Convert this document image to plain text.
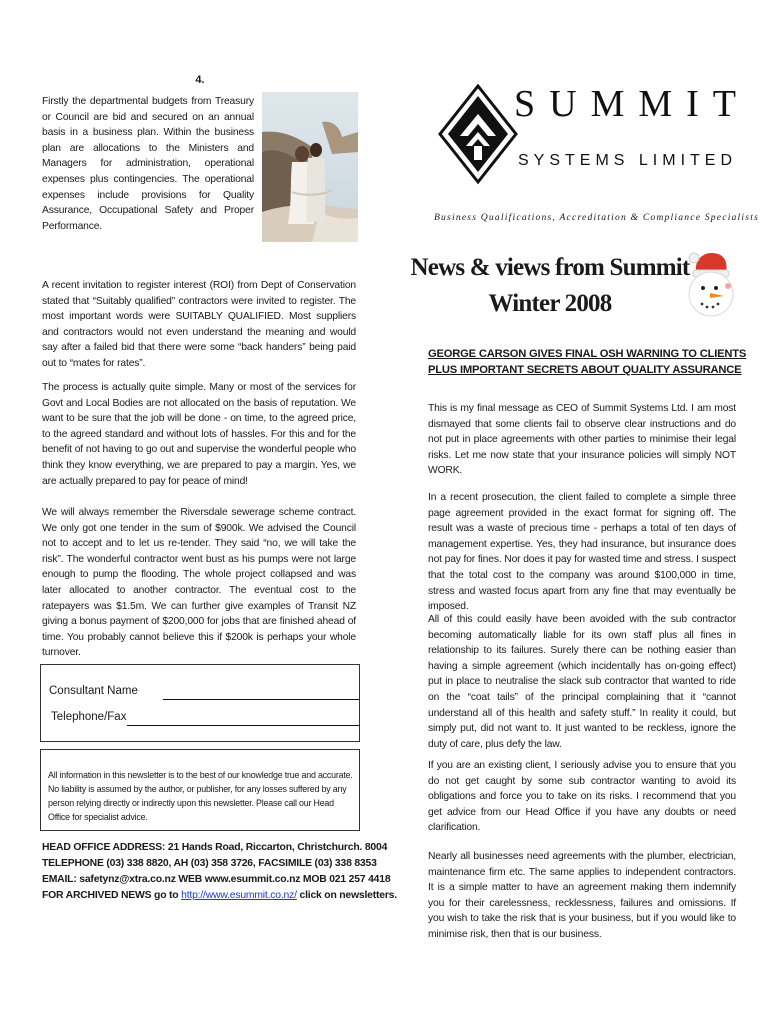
4.
Firstly the departmental budgets from Treasury or Council are bid and secured on an annual basis in a business plan. Within the business plan are allocations to the Ministers and Managers for administration, operational expenses plus contingencies. The operational expenses include provisions for Quality Assurance, Occupational Safety and Proper Performance.
A recent invitation to register interest (ROI) from Dept of Conservation stated that “Suitably qualified” contractors were invited to register. The most important words were SUITABLY QUALIFIED. Most suppliers and contractors would not even understand the meaning and would say after a failed bid that there were some “back handers” being paid out to “mates for rates”.
The process is actually quite simple. Many or most of the services for Govt and Local Bodies are not allocated on the basis of reputation. We want to be sure that the job will be done - on time, to the agreed price, to the agreed standard and without lots of hassles. For this and for the benefit of not having to go out and supervise the wonderful people who think they know everything, we are prepared to pay a margin. Yes, we are actually prepared to pay for peace of mind!
We will always remember the Riversdale sewerage scheme contract. We only got one tender in the sum of $900k. We advised the Council not to accept and to let us re-tender. They said “no, we will take the risk”. The wonderful contractor went bust as his pumps were not large enough to pump the flooding. The whole project collapsed and was later allocated to another contractor. The eventual cost to the ratepayers was $1.5m. We can further give examples of Transit NZ giving a bonus payment of $200,000 for jobs that are finished ahead of time. You probably cannot believe this if $200k is perhaps your whole turnover.
Consultant Name
Telephone/Fax
All information in this newsletter is to the best of our knowledge true and accurate. No liability is assumed by the author, or publisher, for any losses suffered by any person relying directly or indirectly upon this newsletter. Please call our Head Office for specialist advice.
HEAD OFFICE ADDRESS: 21 Hands Road, Riccarton, Christchurch. 8004
TELEPHONE (03) 338 8820, AH (03) 358 3726, FACSIMILE (03) 338 8353
EMAIL: safetynz@xtra.co.nz WEB www.esummit.co.nz MOB 021 257 4418
FOR ARCHIVED NEWS go to http://www.esummit.co.nz/ click on newsletters.
SUMMIT
SYSTEMS LIMITED
Business Qualifications, Accreditation & Compliance Specialists
News & views from Summit
Winter 2008
GEORGE CARSON GIVES FINAL OSH WARNING TO CLIENTS PLUS IMPORTANT SECRETS ABOUT QUALITY ASSURANCE
This is my final message as CEO of Summit Systems Ltd. I am most dismayed that some clients fail to observe clear instructions and do not put in place agreements with other parties to minimise their legal risks. Let me now state that your insurance policies will simply NOT WORK.
In a recent prosecution, the client failed to complete a simple three page agreement provided in the exact format for signing off. The result was a waste of precious time - perhaps a total of ten days of management expertise. Yes, they had insurance, but insurance does not pay for fines. Nor does it pay for wasted time and stress. I suspect that the total cost to the company was around $100,000 in time, stress and wasted focus apart from any fine that may eventually be imposed.
All of this could easily have been avoided with the sub contractor becoming automatically liable for its own staff plus all fines in relationship to its failures. Surely there can be nothing easier than having a simple agreement (which incidentally has on-going effect) put in place to neutralise the slack sub contractor that wanted to ride on the “coat tails” of the principal complaining that it “cannot understand all of this health and safety stuff.” In reality it could, but simply put, did not want to. It just wanted to be reckless, ignore the duty of care, plus defy the law.
If you are an existing client, I seriously advise you to ensure that you do not get caught by some sub contractor wanting to avoid its obligations and force you to take on its risks. I recommend that you get advice from our Head Office if you have any doubts or need clarification.
Nearly all businesses need agreements with the plumber, electrician, maintenance firm etc. The same applies to independent contractors. It is a simple matter to have an agreement making them indemnify you for their carelessness, recklessness, failures and omissions. If you wish to take the risk that is your business, but if you would like to minimise risk, then that is our business.
